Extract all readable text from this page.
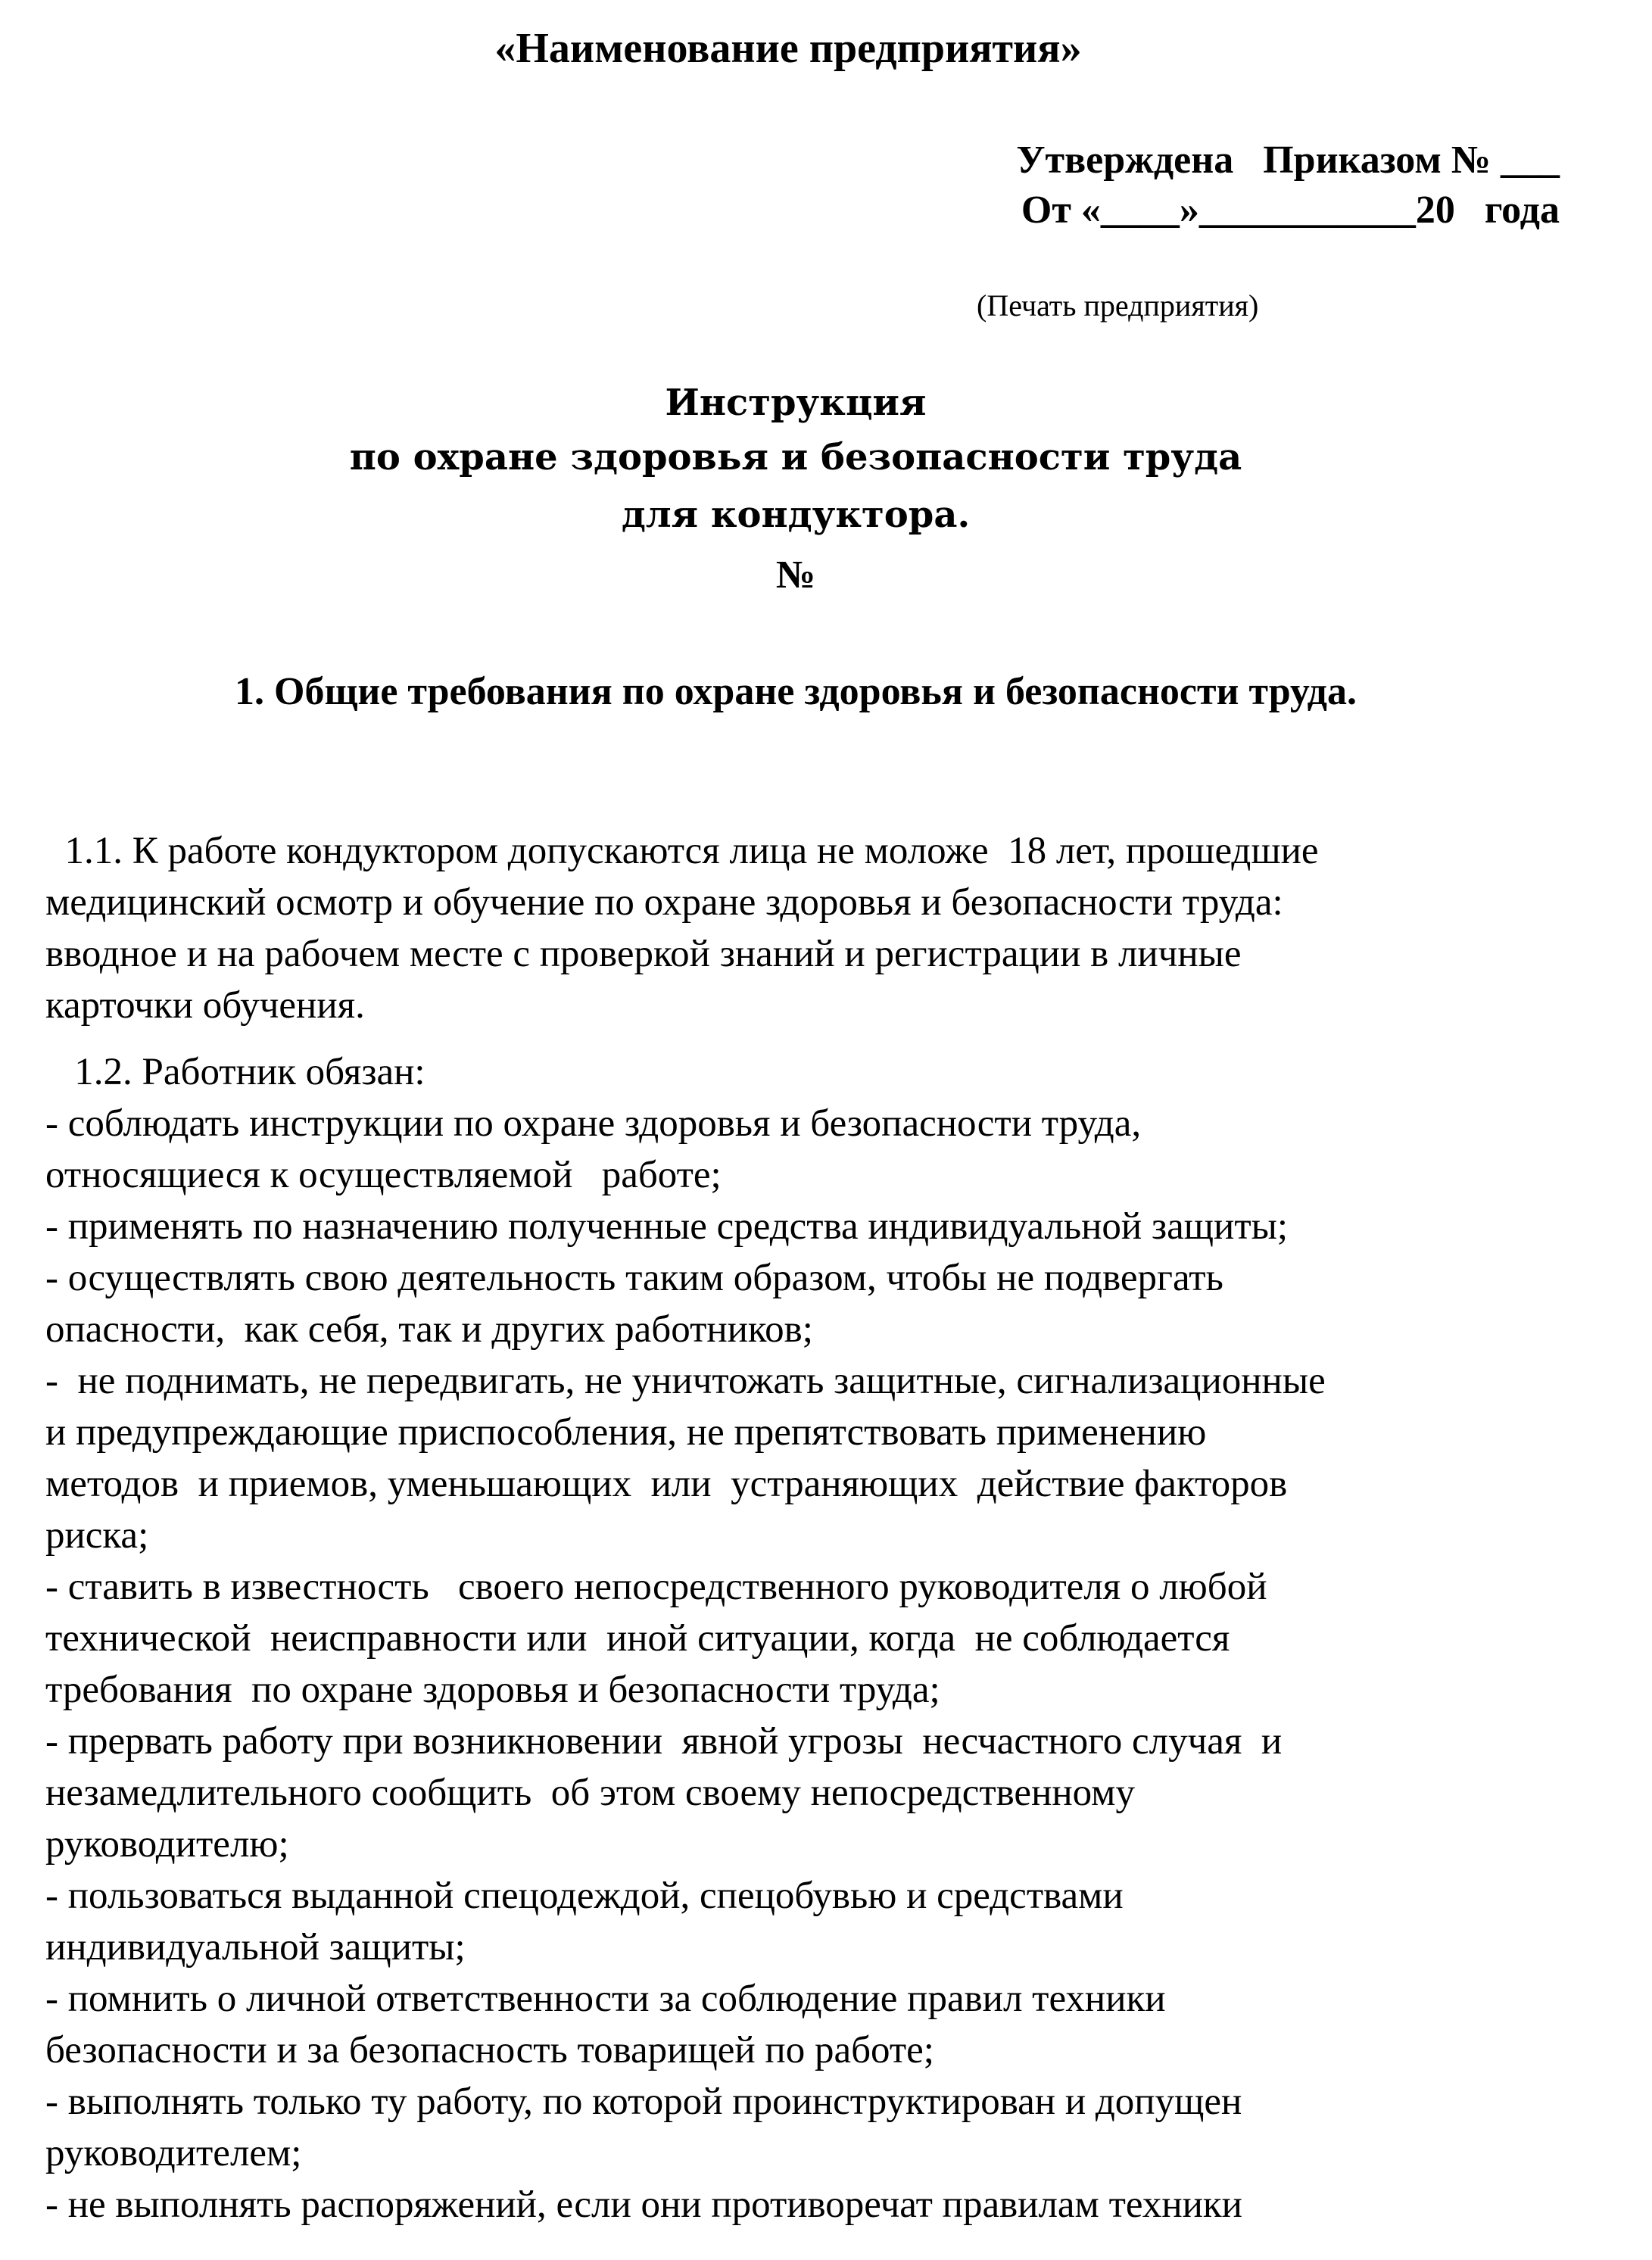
«Наименование предприятия»
Утверждена   Приказом № ___
От «____»___________20   года
(Печать предприятия)
Инструкция
по охране здоровья и безопасности труда
для кондуктора.
№
1. Общие требования по охране здоровья и безопасности труда.
1.1. К работе кондуктором допускаются лица не моложе  18 лет, прошедшие
медицинский осмотр и обучение по охране здоровья и безопасности труда:
вводное и на рабочем месте с проверкой знаний и регистрации в личные
карточки обучения.
1.2. Работник обязан:
- соблюдать инструкции по охране здоровья и безопасности труда,
относящиеся к осуществляемой   работе;
- применять по назначению полученные средства индивидуальной защиты;
- осуществлять свою деятельность таким образом, чтобы не подвергать
опасности,  как себя, так и других работников;
-  не поднимать, не передвигать, не уничтожать защитные, сигнализационные
и предупреждающие приспособления, не препятствовать применению
методов  и приемов, уменьшающих  или  устраняющих  действие факторов
риска;
- ставить в известность   своего непосредственного руководителя о любой
технической  неисправности или  иной ситуации, когда  не соблюдается
требования  по охране здоровья и безопасности труда;
- прервать работу при возникновении  явной угрозы  несчастного случая  и
незамедлительного сообщить  об этом своему непосредственному
руководителю;
- пользоваться выданной спецодеждой, спецобувью и средствами
индивидуальной защиты;
- помнить о личной ответственности за соблюдение правил техники
безопасности и за безопасность товарищей по работе;
- выполнять только ту работу, по которой проинструктирован и допущен
руководителем;
- не выполнять распоряжений, если они противоречат правилам техники
